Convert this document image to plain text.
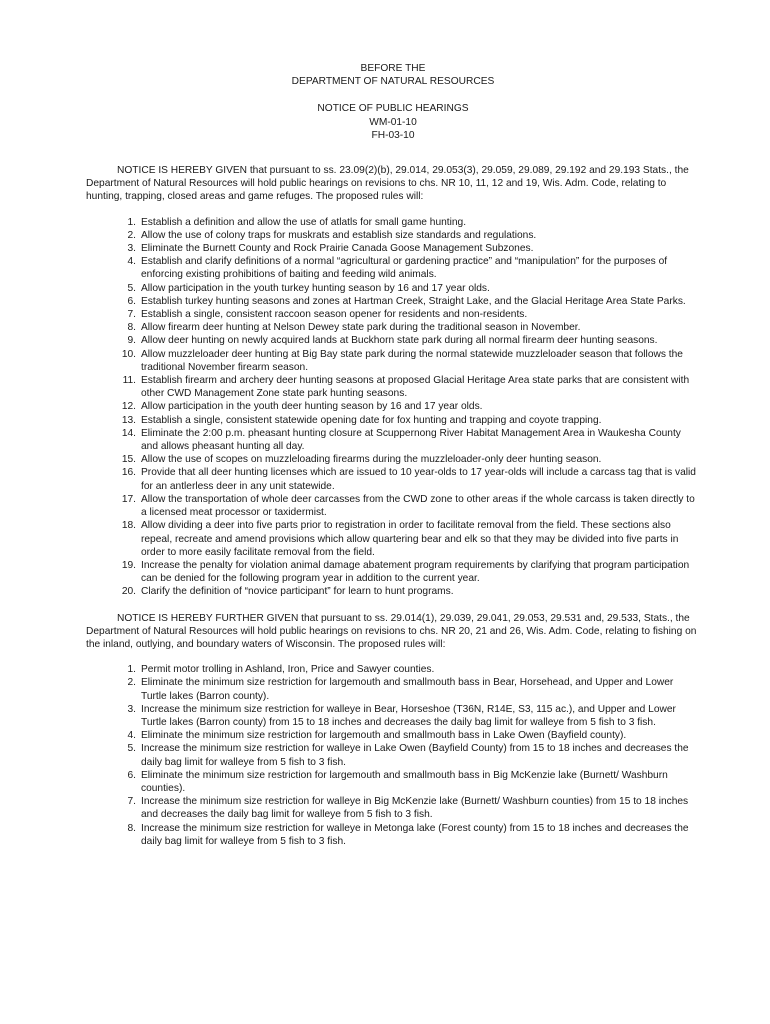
BEFORE THE
DEPARTMENT OF NATURAL RESOURCES
NOTICE OF PUBLIC HEARINGS
WM-01-10
FH-03-10

NOTICE IS HEREBY GIVEN that pursuant to ss. 23.09(2)(b), 29.014, 29.053(3), 29.059, 29.089, 29.192 and 29.193 Stats., the Department of Natural Resources will hold public hearings on revisions to chs. NR 10, 11, 12 and 19, Wis. Adm. Code, relating to hunting, trapping, closed areas and game refuges. The proposed rules will:

1. Establish a definition and allow the use of atlatls for small game hunting.
2. Allow the use of colony traps for muskrats and establish size standards and regulations.
3. Eliminate the Burnett County and Rock Prairie Canada Goose Management Subzones.
4. Establish and clarify definitions of a normal “agricultural or gardening practice” and “manipulation” for the purposes of enforcing existing prohibitions of baiting and feeding wild animals.
5. Allow participation in the youth turkey hunting season by 16 and 17 year olds.
6. Establish turkey hunting seasons and zones at Hartman Creek, Straight Lake, and the Glacial Heritage Area State Parks.
7. Establish a single, consistent raccoon season opener for residents and non-residents.
8. Allow firearm deer hunting at Nelson Dewey state park during the traditional season in November.
9. Allow deer hunting on newly acquired lands at Buckhorn state park during all normal firearm deer hunting seasons.
10. Allow muzzleloader deer hunting at Big Bay state park during the normal statewide muzzleloader season that follows the traditional November firearm season.
11. Establish firearm and archery deer hunting seasons at proposed Glacial Heritage Area state parks that are consistent with other CWD Management Zone state park hunting seasons.
12. Allow participation in the youth deer hunting season by 16 and 17 year olds.
13. Establish a single, consistent statewide opening date for fox hunting and trapping and coyote trapping.
14. Eliminate the 2:00 p.m. pheasant hunting closure at Scuppernong River Habitat Management Area in Waukesha County and allows pheasant hunting all day.
15. Allow the use of scopes on muzzleloading firearms during the muzzleloader-only deer hunting season.
16. Provide that all deer hunting licenses which are issued to 10 year-olds to 17 year-olds will include a carcass tag that is valid for an antlerless deer in any unit statewide.
17. Allow the transportation of whole deer carcasses from the CWD zone to other areas if the whole carcass is taken directly to a licensed meat processor or taxidermist.
18. Allow dividing a deer into five parts prior to registration in order to facilitate removal from the field. These sections also repeal, recreate and amend provisions which allow quartering bear and elk so that they may be divided into five parts in order to more easily facilitate removal from the field.
19. Increase the penalty for violation animal damage abatement program requirements by clarifying that program participation can be denied for the following program year in addition to the current year.
20. Clarify the definition of “novice participant” for learn to hunt programs.

NOTICE IS HEREBY FURTHER GIVEN that pursuant to ss. 29.014(1), 29.039, 29.041, 29.053, 29.531 and, 29.533, Stats., the Department of Natural Resources will hold public hearings on revisions to chs. NR 20, 21 and 26, Wis. Adm. Code, relating to fishing on the inland, outlying, and boundary waters of Wisconsin. The proposed rules will:

1. Permit motor trolling in Ashland, Iron, Price and Sawyer counties.
2. Eliminate the minimum size restriction for largemouth and smallmouth bass in Bear, Horsehead, and Upper and Lower Turtle lakes (Barron county).
3. Increase the minimum size restriction for walleye in Bear, Horseshoe (T36N, R14E, S3, 115 ac.), and Upper and Lower Turtle lakes (Barron county) from 15 to 18 inches and decreases the daily bag limit for walleye from 5 fish to 3 fish.
4. Eliminate the minimum size restriction for largemouth and smallmouth bass in Lake Owen (Bayfield county).
5. Increase the minimum size restriction for walleye in Lake Owen (Bayfield County) from 15 to 18 inches and decreases the daily bag limit for walleye from 5 fish to 3 fish.
6. Eliminate the minimum size restriction for largemouth and smallmouth bass in Big McKenzie lake (Burnett/ Washburn counties).
7. Increase the minimum size restriction for walleye in Big McKenzie lake (Burnett/ Washburn counties) from 15 to 18 inches and decreases the daily bag limit for walleye from 5 fish to 3 fish.
8. Increase the minimum size restriction for walleye in Metonga lake (Forest county) from 15 to 18 inches and decreases the daily bag limit for walleye from 5 fish to 3 fish.
